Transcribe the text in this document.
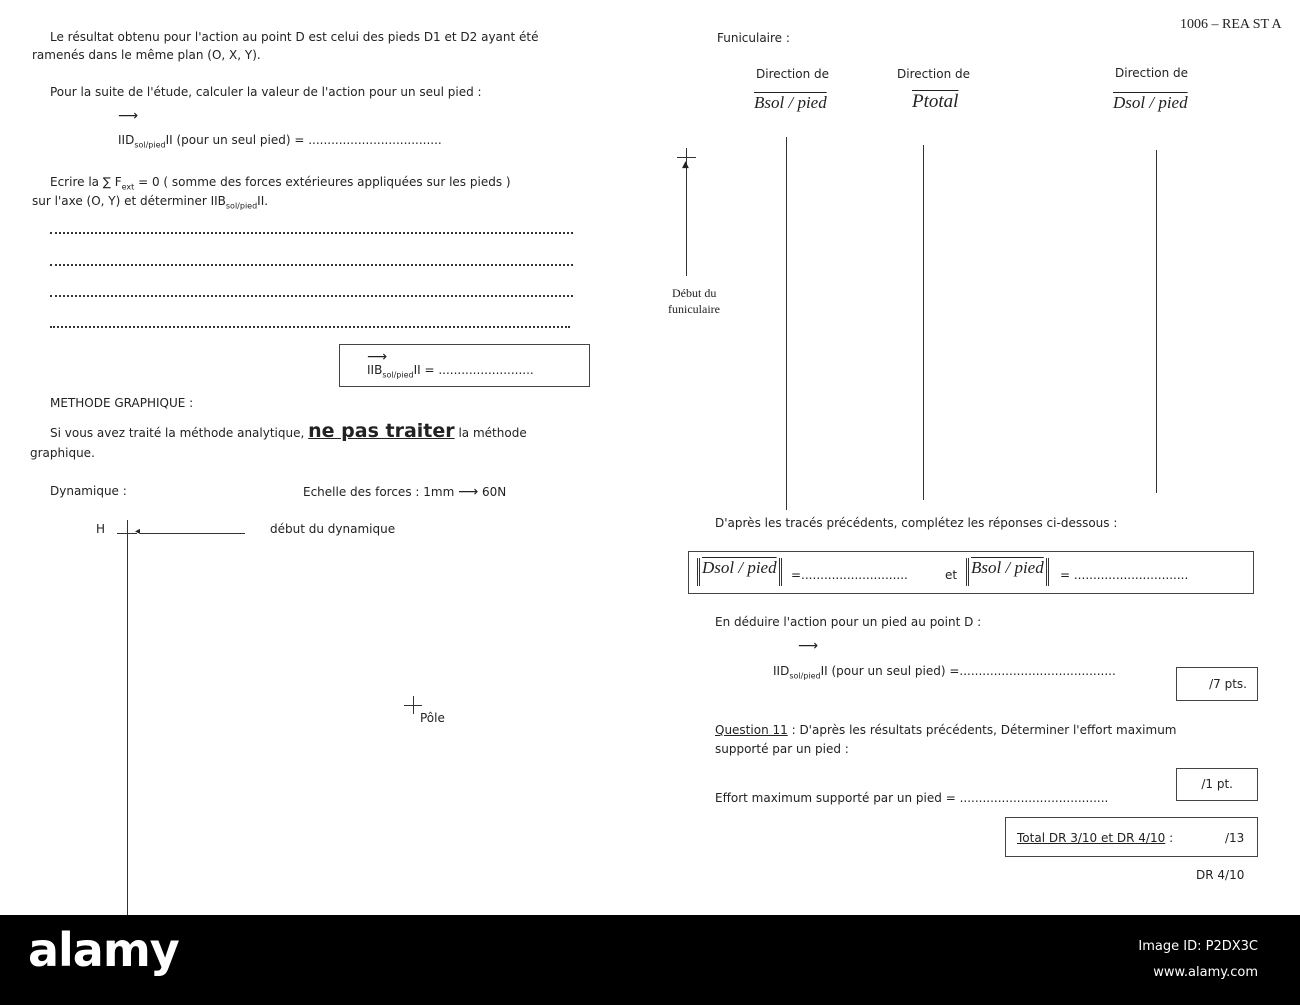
1006 – REA ST A
Le résultat obtenu pour l'action au point D est celui des pieds D1 et D2 ayant été
ramenés dans le même plan (O, X, Y).
Pour la suite de l'étude, calculer la valeur de l'action pour un seul pied :
⟶
$IID_{sol/pied}II$ (pour un seul pied) = ...................................
Ecrire la ∑ $F_{ext} = 0$ ( somme des forces extérieures appliquées sur les pieds )
sur l'axe (O, Y) et déterminer $IIB_{sol/pied}II$.
⟶
$IIB_{sol/pied}II$ = .........................
METHODE GRAPHIQUE :
Si vous avez traité la méthode analytique, ne pas traiter la méthode
graphique.
Dynamique :	Echelle des forces : 1mm ⟶ 60N
H	◂	début du dynamique
Pôle
Funiculaire :
Direction de
Bsol / pied
Direction de
Ptotal
Direction de
Dsol / pied
▲
Début du
funiculaire
D'après les tracés précédents, complétez les réponses ci-dessous :
Dsol / pied	=............................	et Bsol / pied	= ..............................
En déduire l'action pour un pied au point D :
⟶
$IID_{sol/pied}II$ (pour un seul pied) =.........................................
/7 pts.
Question 11 : D'après les résultats précédents, Déterminer l'effort maximum
supporté par un pied :
/1 pt.
Effort maximum supporté par un pied = .......................................
Total DR 3/10 et DR 4/10 :	/13
DR 4/10
alamy	Image ID: P2DX3C
www.alamy.com
